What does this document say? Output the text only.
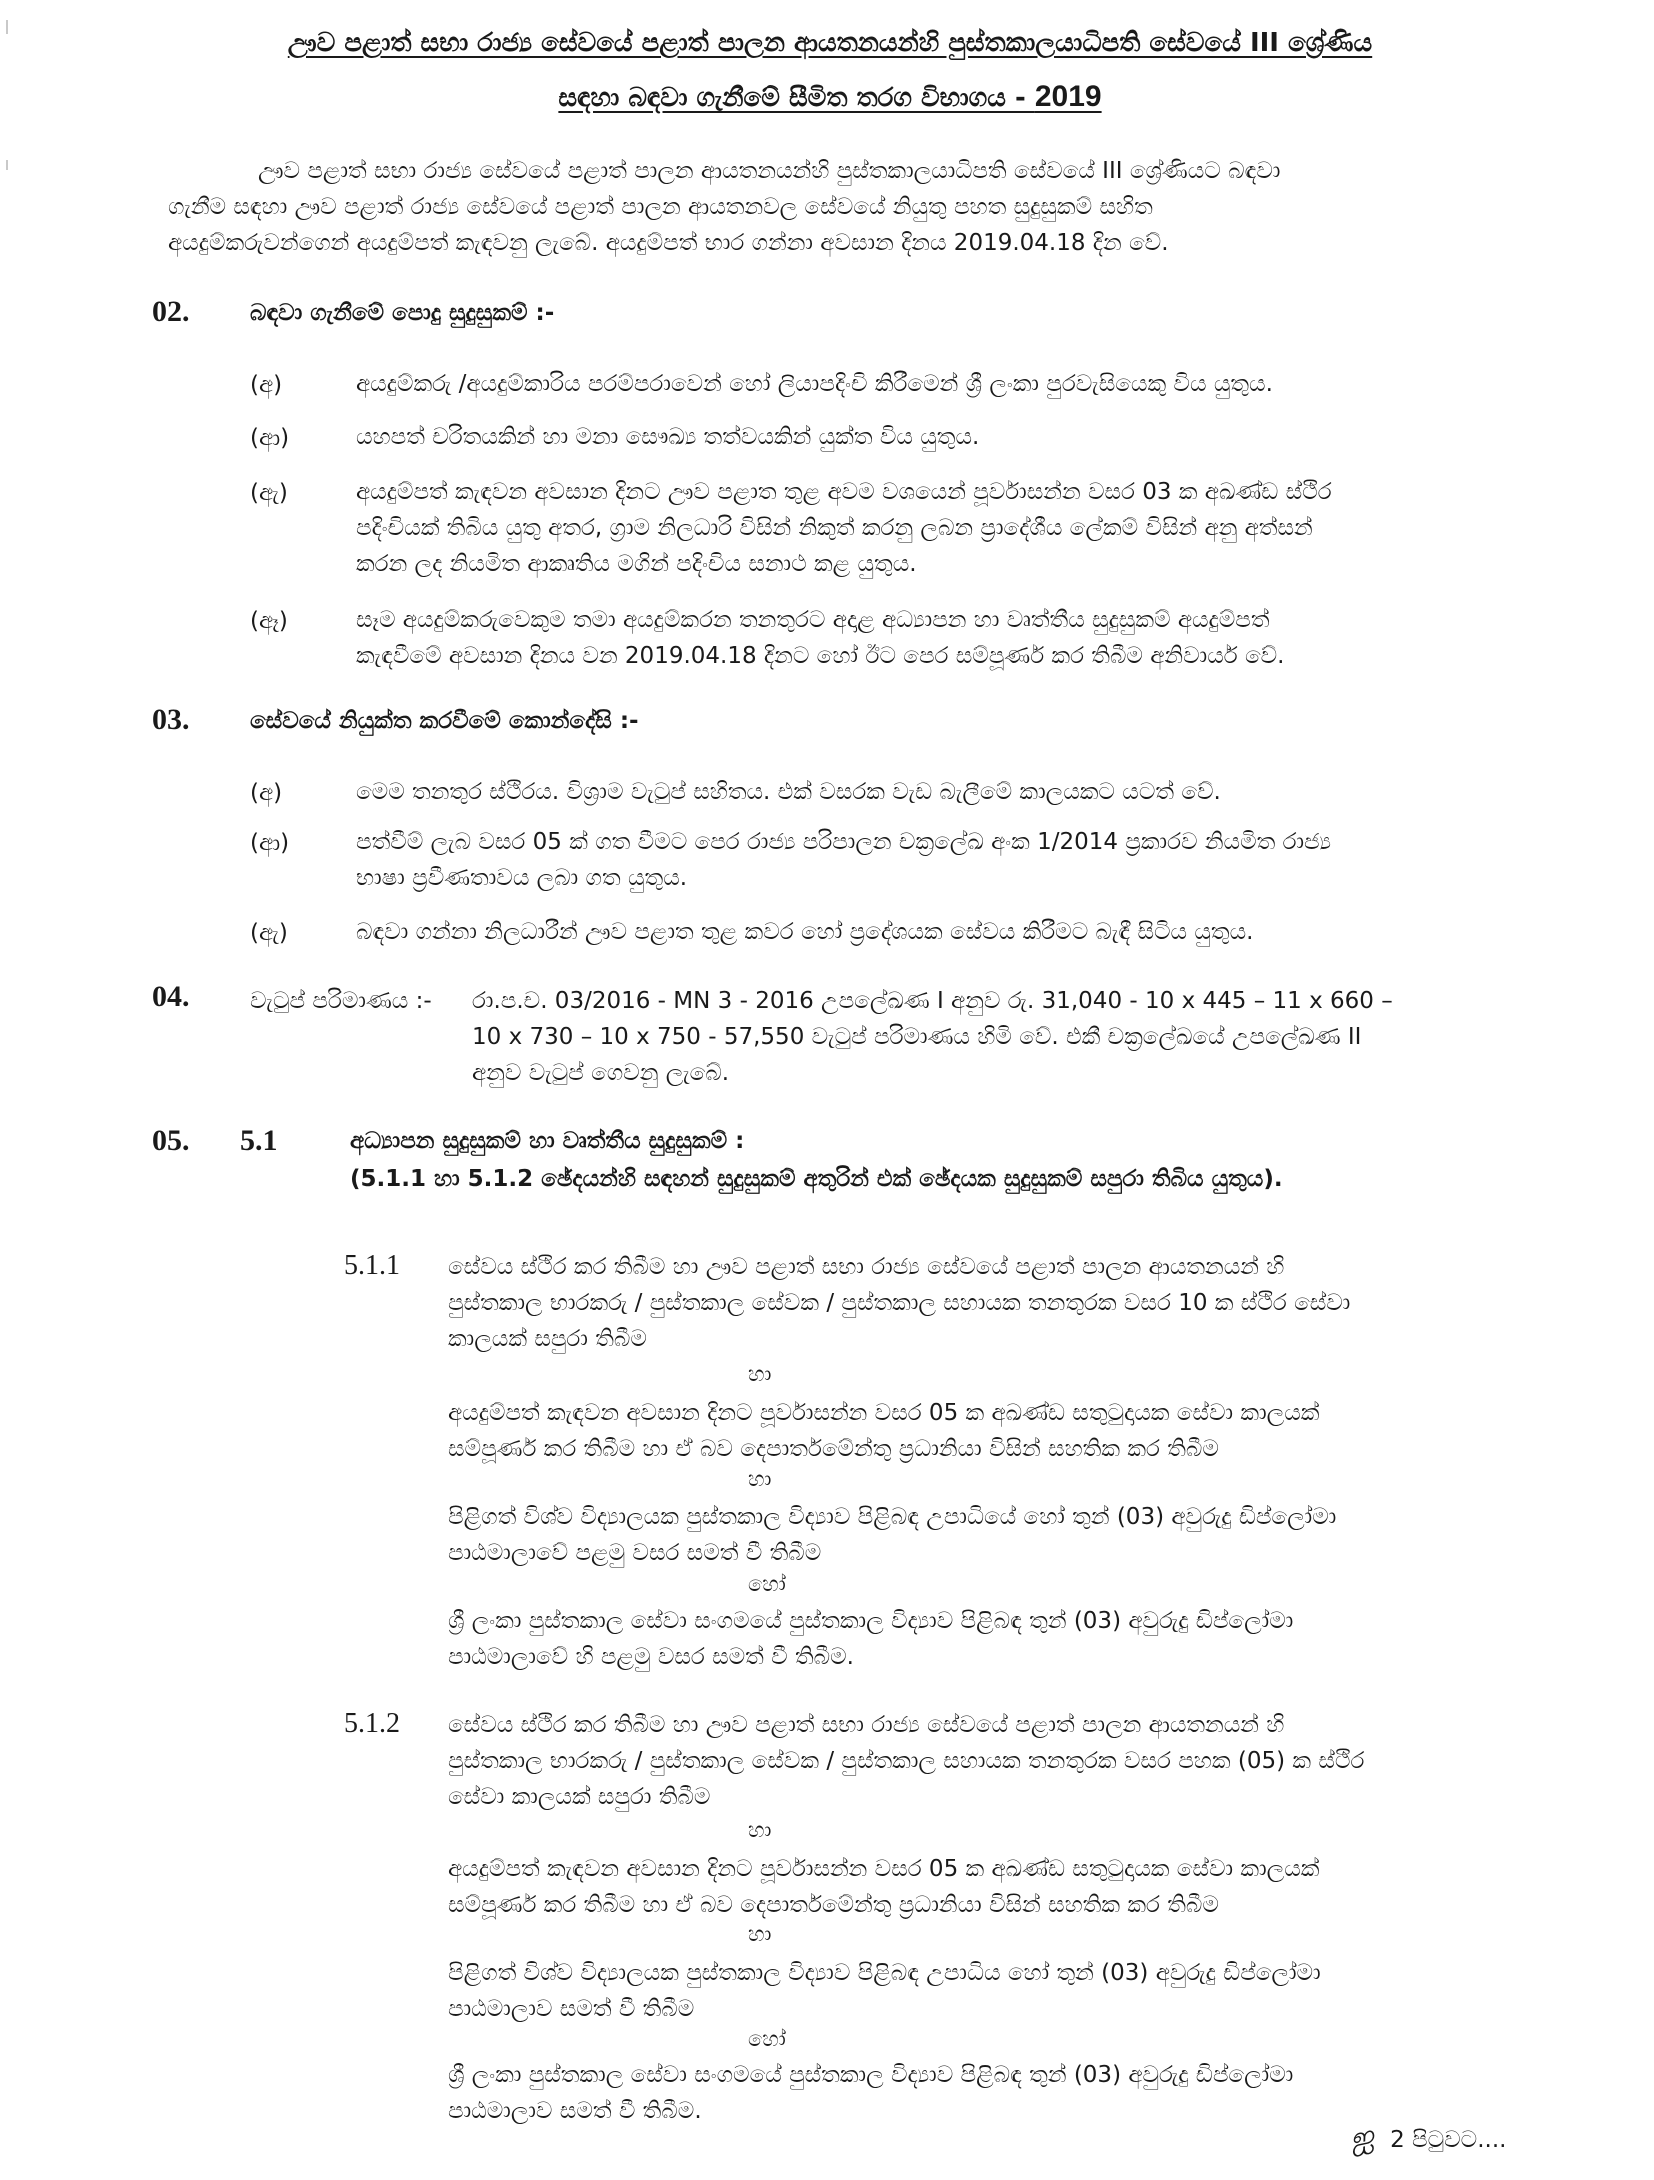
ඌව පළාත් සභා රාජ්‍ය සේවයේ පළාත් පාලන ආයතනයන්හි පුස්තකාලයාධිපති සේවයේ III ශ්‍රේණිය
සඳහා බඳවා ගැනීමේ සීමිත තරග විභාගය - 2019
ඌව පළාත් සභා රාජ්‍ය සේවයේ පළාත් පාලන ආයතනයන්හි පුස්තකාලයාධිපති සේවයේ III ශ්‍රේණියට බඳවා
ගැනීම සඳහා ඌව පළාත් රාජ්‍ය සේවයේ පළාත් පාලන ආයතනවල සේවයේ නියුතු පහත සුදුසුකම් සහිත
අයදුම්කරුවන්ගෙන් අයදුම්පත් කැඳවනු ලැබේ. අයදුම්පත් භාර ගන්නා අවසාන දිනය 2019.04.18 දින වේ.
02.	බඳවා ගැනීමේ පොදු සුදුසුකම් :-
(අ)	අයදුම්කරු /අයදුම්කාරිය පරම්පරාවෙන් හෝ ලියාපදිංචි කිරීමෙන් ශ්‍රී ලංකා පුරවැසියෙකු විය යුතුය.
(ආ)	යහපත් චරිතයකින් හා මනා සෞඛ්‍ය තත්වයකින් යුක්ත විය යුතුය.
(ඇ)	අයදුම්පත් කැඳවන අවසාන දිනට ඌව පළාත තුළ අවම වශයෙන් පූර්වාසන්න වසර 03 ක අඛණ්ඩ ස්ථිර
පදිංචියක් තිබිය යුතු අතර, ග්‍රාම නිලධාරි විසින් නිකුත් කරනු ලබන ප්‍රාදේශීය ලේකම් විසින් අනු අත්සන්
කරන ලද නියමිත ආකෘතිය මගින් පදිංචිය සනාථ කළ යුතුය.
(ඈ)	සෑම අයදුම්කරුවෙකුම තමා අයදුම්කරන තනතුරට අදාළ අධ්‍යාපන හා වෘත්තීය සුදුසුකම් අයදුම්පත්
කැඳවීමේ අවසාන දිනය වන 2019.04.18 දිනට හෝ ඊට පෙර සම්පූර්ණ කර තිබීම අනිවාර්ය වේ.
03.	සේවයේ නියුක්ත කරවීමේ කොන්දේසි :-
(අ)	මෙම තනතුර ස්ථිරය. විශ්‍රාම වැටුප් සහිතය. එක් වසරක වැඩ බැලීමේ කාලයකට යටත් වේ.
(ආ)	පත්වීම් ලැබ වසර 05 ක් ගත වීමට පෙර රාජ්‍ය පරිපාලන චක්‍රලේඛ අංක 1/2014 ප්‍රකාරව නියමිත රාජ්‍ය
භාෂා ප්‍රවීණතාවය ලබා ගත යුතුය.
(ඇ)	බඳවා ගන්නා නිලධාරීන් ඌව පළාත තුළ කවර හෝ ප්‍රදේශයක සේවය කිරීමට බැඳී සිටිය යුතුය.
04.	වැටුප් පරිමාණය :- රා.ප.ච. 03/2016 - MN 3 - 2016 උපලේඛණ I අනුව රු. 31,040 - 10 x 445 – 11 x 660 –
10 x 730 – 10 x 750 - 57,550 වැටුප් පරිමාණය හිමි වේ. එකී චක්‍රලේඛයේ උපලේඛණ II
අනුව වැටුප් ගෙවනු ලැබේ.
05. 5.1	අධ්‍යාපන සුදුසුකම් හා වෘත්තීය සුදුසුකම් :
(5.1.1 හා 5.1.2 ඡේදයන්හි සඳහන් සුදුසුකම් අතුරින් එක් ඡේදයක සුදුසුකම් සපුරා තිබිය යුතුය).
5.1.1 සේවය ස්ථිර කර තිබීම හා ඌව පළාත් සභා රාජ්‍ය සේවයේ පළාත් පාලන ආයතනයන් හි
පුස්තකාල භාරකරු / පුස්තකාල සේවක / පුස්තකාල සහායක තනතුරක වසර 10 ක ස්ථිර සේවා
කාලයක් සපුරා තිබීම
හා
අයදුම්පත් කැඳවන අවසාන දිනට පූර්වාසන්න වසර 05 ක අඛණ්ඩ සතුටුදායක සේවා කාලයක්
සම්පූර්ණ කර තිබීම හා ඒ බව දෙපාර්තමේන්තු ප්‍රධානියා විසින් සහතික කර තිබීම
හා
පිළිගත් විශ්ව විද්‍යාලයක පුස්තකාල විද්‍යාව පිළිබඳ උපාධියේ හෝ තුන් (03) අවුරුදු ඩිප්ලෝමා
පාඨමාලාවේ පළමු වසර සමත් වී තිබීම
හෝ
ශ්‍රී ලංකා පුස්තකාල සේවා සංගමයේ පුස්තකාල විද්‍යාව පිළිබඳ තුන් (03) අවුරුදු ඩිප්ලෝමා
පාඨමාලාවේ හි පළමු වසර සමත් වී තිබීම.
5.1.2 සේවය ස්ථිර කර තිබීම හා ඌව පළාත් සභා රාජ්‍ය සේවයේ පළාත් පාලන ආයතනයන් හි
පුස්තකාල භාරකරු / පුස්තකාල සේවක / පුස්තකාල සහායක තනතුරක වසර පහක (05) ක ස්ථිර
සේවා කාලයක් සපුරා තිබීම
හා
අයදුම්පත් කැඳවන අවසාන දිනට පූර්වාසන්න වසර 05 ක අඛණ්ඩ සතුටුදායක සේවා කාලයක්
සම්පූර්ණ කර තිබීම හා ඒ බව දෙපාර්තමේන්තු ප්‍රධානියා විසින් සහතික කර තිබීම
හා
පිළිගත් විශ්ව විද්‍යාලයක පුස්තකාල විද්‍යාව පිළිබඳ උපාධිය හෝ තුන් (03) අවුරුදු ඩිප්ලෝමා
පාඨමාලාව සමත් වී තිබීම
හෝ
ශ්‍රී ලංකා පුස්තකාල සේවා සංගමයේ පුස්තකාල විද්‍යාව පිළිබඳ තුන් (03) අවුරුදු ඩිප්ලෝමා
පාඨමාලාව සමත් වී තිබීම.
ஐ 2 පිටුවට....
